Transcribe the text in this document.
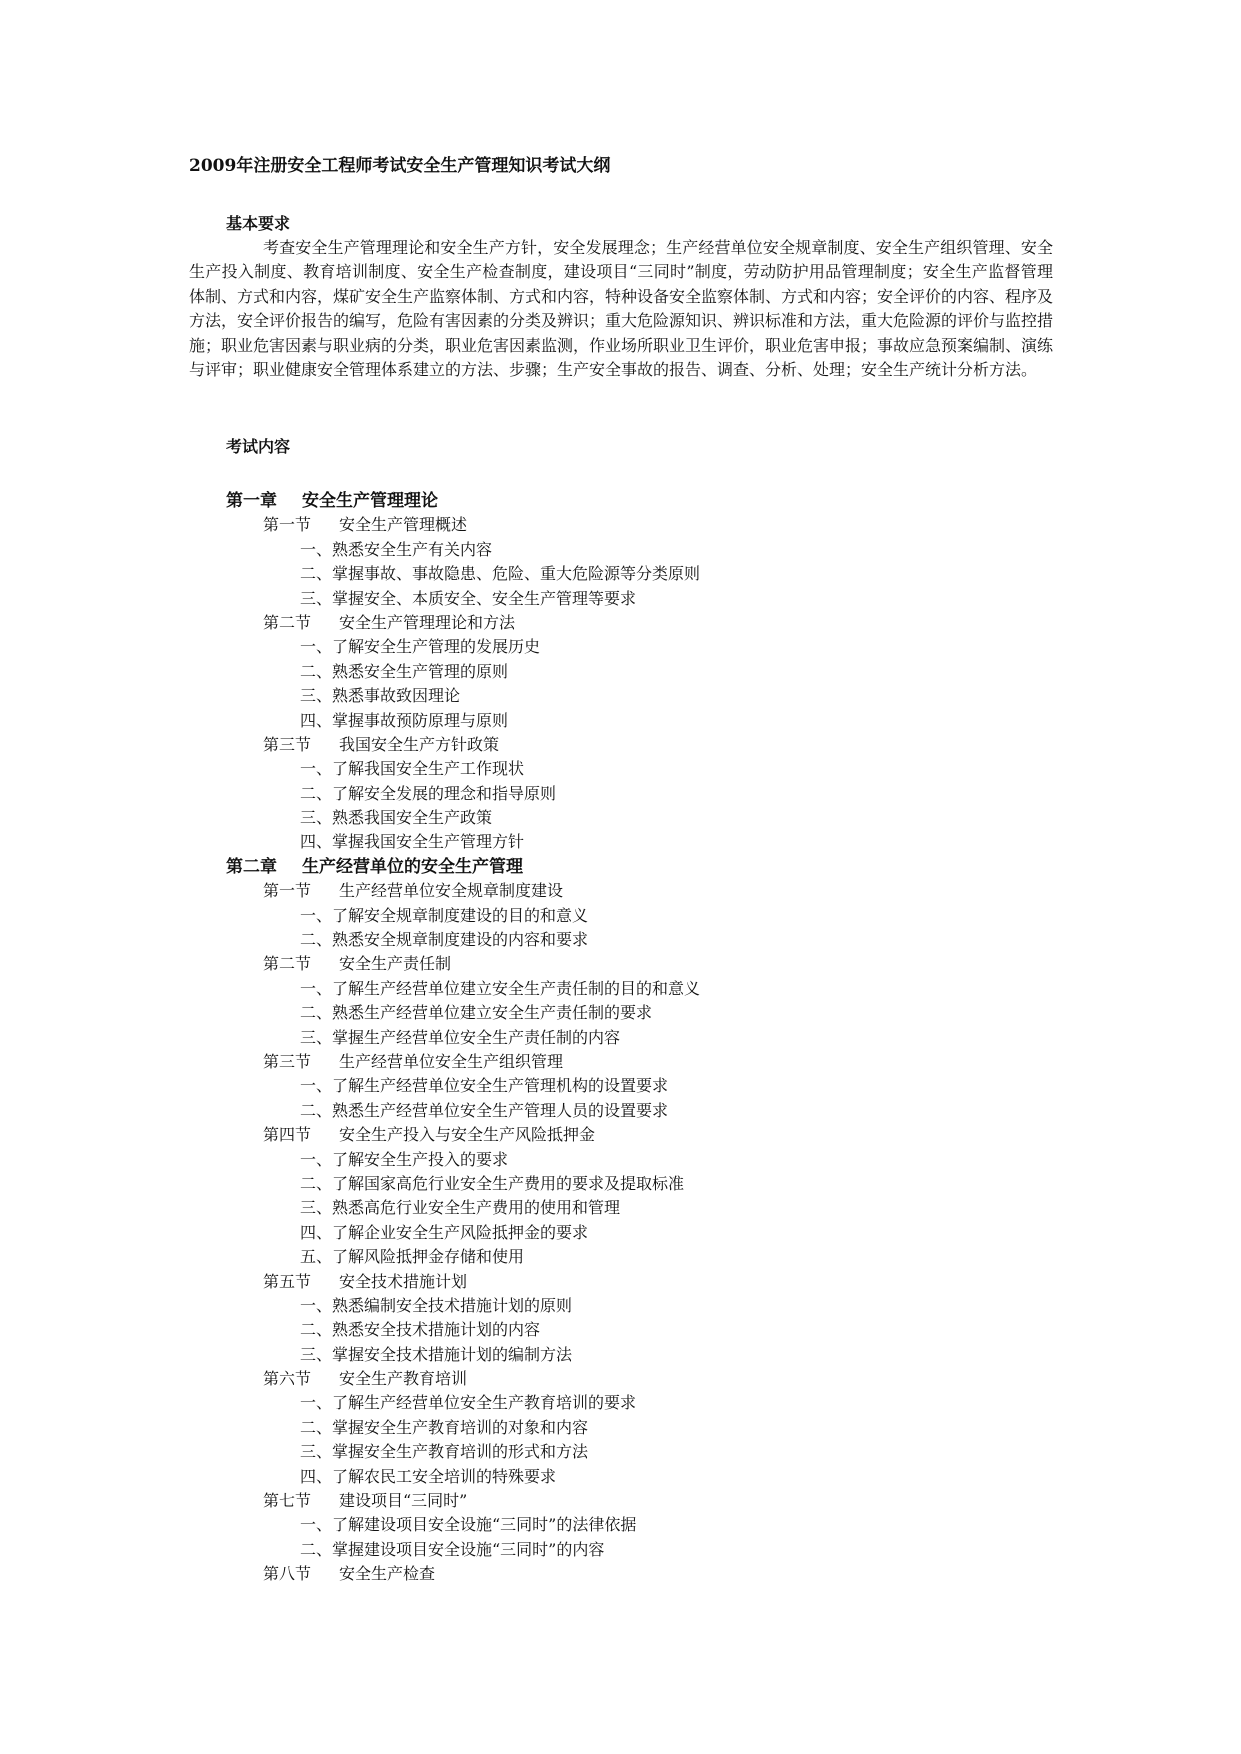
2009年注册安全工程师考试安全生产管理知识考试大纲
基本要求

考查安全生产管理理论和安全生产方针，安全发展理念；生产经营单位安全规章制度、安全生产组织管理、安全生产投入制度、教育培训制度、安全生产检查制度，建设项目“三同时”制度，劳动防护用品管理制度；安全生产监督管理体制、方式和内容，煤矿安全生产监察体制、方式和内容，特种设备安全监察体制、方式和内容；安全评价的内容、程序及方法，安全评价报告的编写，危险有害因素的分类及辨识；重大危险源知识、辨识标准和方法，重大危险源的评价与监控措施；职业危害因素与职业病的分类，职业危害因素监测，作业场所职业卫生评价，职业危害申报；事故应急预案编制、演练与评审；职业健康安全管理体系建立的方法、步骤；生产安全事故的报告、调查、分析、处理；安全生产统计分析方法。

考试内容
第一章 安全生产管理理论
第一节 安全生产管理概述
一、熟悉安全生产有关内容
二、掌握事故、事故隐患、危险、重大危险源等分类原则
三、掌握安全、本质安全、安全生产管理等要求
第二节 安全生产管理理论和方法
一、了解安全生产管理的发展历史
二、熟悉安全生产管理的原则
三、熟悉事故致因理论
四、掌握事故预防原理与原则
第三节 我国安全生产方针政策
一、了解我国安全生产工作现状
二、了解安全发展的理念和指导原则
三、熟悉我国安全生产政策
四、掌握我国安全生产管理方针
第二章 生产经营单位的安全生产管理
第一节 生产经营单位安全规章制度建设
一、了解安全规章制度建设的目的和意义
二、熟悉安全规章制度建设的内容和要求
第二节 安全生产责任制
一、了解生产经营单位建立安全生产责任制的目的和意义
二、熟悉生产经营单位建立安全生产责任制的要求
三、掌握生产经营单位安全生产责任制的内容
第三节 生产经营单位安全生产组织管理
一、了解生产经营单位安全生产管理机构的设置要求
二、熟悉生产经营单位安全生产管理人员的设置要求
第四节 安全生产投入与安全生产风险抵押金
一、了解安全生产投入的要求
二、了解国家高危行业安全生产费用的要求及提取标准
三、熟悉高危行业安全生产费用的使用和管理
四、了解企业安全生产风险抵押金的要求
五、了解风险抵押金存储和使用
第五节 安全技术措施计划
一、熟悉编制安全技术措施计划的原则
二、熟悉安全技术措施计划的内容
三、掌握安全技术措施计划的编制方法
第六节 安全生产教育培训
一、了解生产经营单位安全生产教育培训的要求
二、掌握安全生产教育培训的对象和内容
三、掌握安全生产教育培训的形式和方法
四、了解农民工安全培训的特殊要求
第七节 建设项目“三同时”
一、了解建设项目安全设施“三同时”的法律依据
二、掌握建设项目安全设施“三同时”的内容
第八节 安全生产检查
